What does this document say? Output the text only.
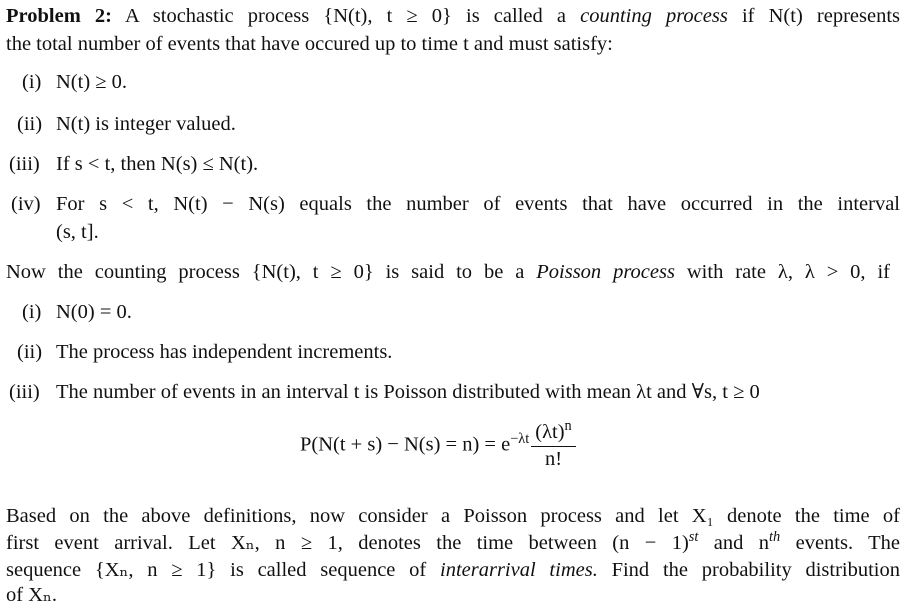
Problem 2: A stochastic process {N(t), t ≥ 0} is called a counting process if N(t) represents
the total number of events that have occured up to time t and must satisfy:
(i) N(t) ≥ 0.
(ii) N(t) is integer valued.
(iii) If s < t, then N(s) ≤ N(t).
(iv) For s < t, N(t) − N(s) equals the number of events that have occurred in the interval
(s, t].
Now the counting process {N(t), t ≥ 0} is said to be a Poisson process with rate λ, λ > 0, if
(i) N(0) = 0.
(ii) The process has independent increments.
(iii) The number of events in an interval t is Poisson distributed with mean λt and ∀s, t ≥ 0
$P(N(t + s) - N(s) = n) = e^{-\lambda t} \frac{(\lambda t)^n}{n!}$
Based on the above definitions, now consider a Poisson process and let X₁ denote the time of
first event arrival. Let Xₙ, n ≥ 1, denotes the time between $(n - 1)^{st}$ and $n^{th}$ events. The
sequence {Xₙ, n ≥ 1} is called sequence of interarrival times. Find the probability distribution
of Xₙ.
